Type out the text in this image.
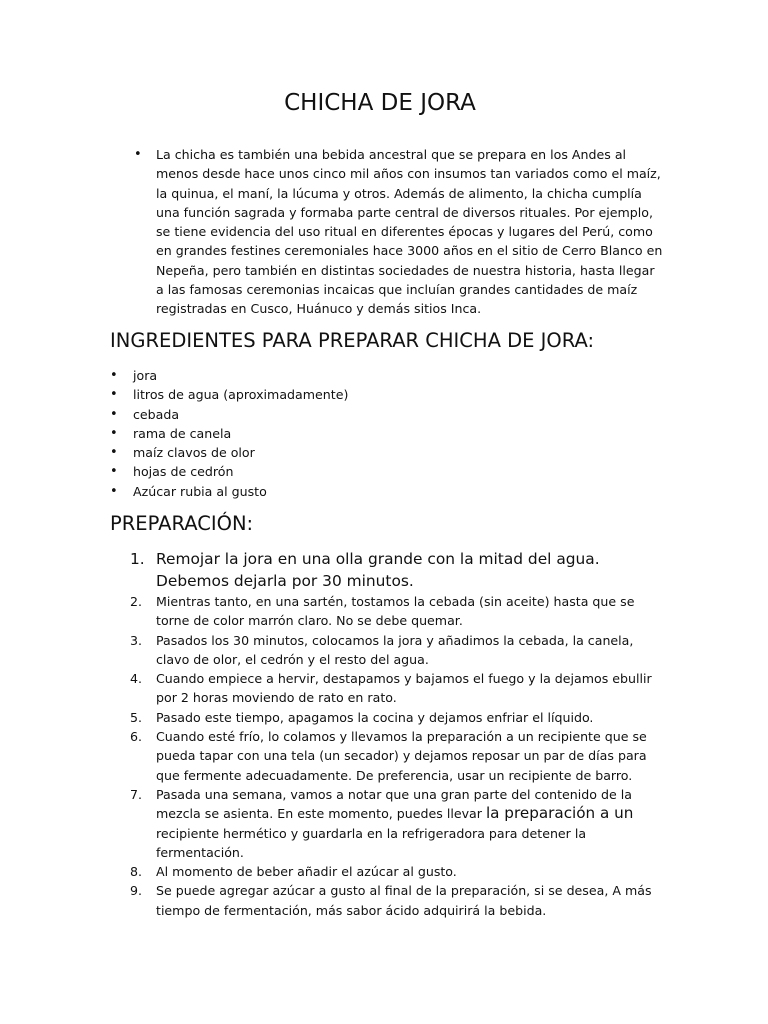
CHICHA DE JORA
•	La chicha es también una bebida ancestral que se prepara en los Andes al menos desde hace unos cinco mil años con insumos tan variados como el maíz, la quinua, el maní, la lúcuma y otros. Además de alimento, la chicha cumplía una función sagrada y formaba parte central de diversos rituales. Por ejemplo, se tiene evidencia del uso ritual en diferentes épocas y lugares del Perú, como en grandes festines ceremoniales hace 3000 años en el sitio de Cerro Blanco en Nepeña, pero también en distintas sociedades de nuestra historia, hasta llegar a las famosas ceremonias incaicas que incluían grandes cantidades de maíz registradas en Cusco, Huánuco y demás sitios Inca.
INGREDIENTES PARA PREPARAR CHICHA DE JORA:
•	jora
•	litros de agua (aproximadamente)
•	cebada
•	rama de canela
•	maíz clavos de olor
•	hojas de cedrón
•	Azúcar rubia al gusto
PREPARACIÓN:
1. Remojar la jora en una olla grande con la mitad del agua. Debemos dejarla por 30 minutos.
2.	Mientras tanto, en una sartén, tostamos la cebada (sin aceite) hasta que se torne de color marrón claro. No se debe quemar.
3.	Pasados los 30 minutos, colocamos la jora y añadimos la cebada, la canela, clavo de olor, el cedrón y el resto del agua.
4.	Cuando empiece a hervir, destapamos y bajamos el fuego y la dejamos ebullir por 2 horas moviendo de rato en rato.
5.	Pasado este tiempo, apagamos la cocina y dejamos enfriar el líquido.
6.	Cuando esté frío, lo colamos y llevamos la preparación a un recipiente que se pueda tapar con una tela (un secador) y dejamos reposar un par de días para que fermente adecuadamente. De preferencia, usar un recipiente de barro.
7.	Pasada una semana, vamos a notar que una gran parte del contenido de la mezcla se asienta. En este momento, puedes llevar la preparación a un recipiente hermético y guardarla en la refrigeradora para detener la fermentación.
8.	Al momento de beber añadir el azúcar al gusto.
9.	Se puede agregar azúcar a gusto al final de la preparación, si se desea, A más tiempo de fermentación, más sabor ácido adquirirá la bebida.
